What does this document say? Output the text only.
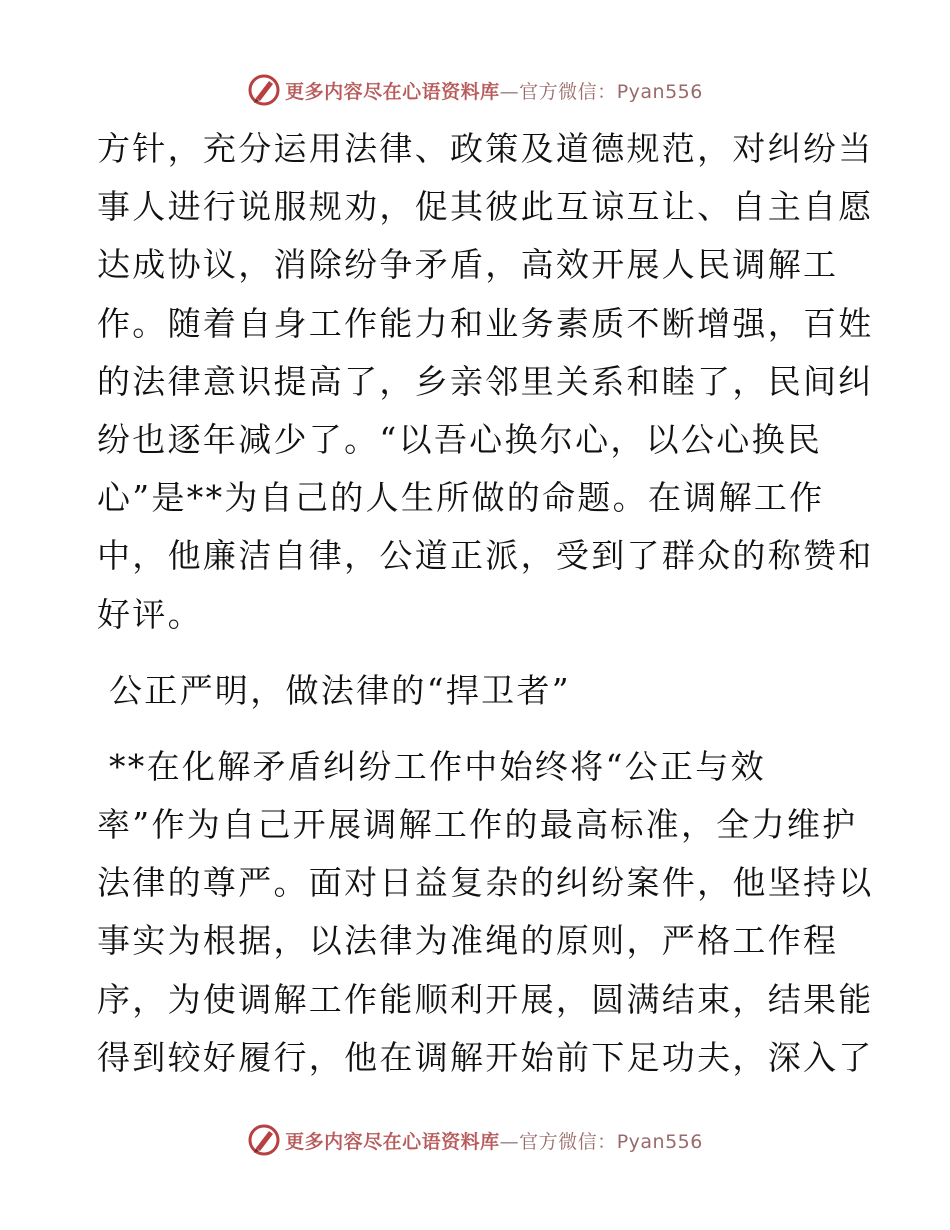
更多内容尽在心语资料库—官方微信：Pyan556
方针，充分运用法律、政策及道德规范，对纠纷当
事人进行说服规劝，促其彼此互谅互让、自主自愿
达成协议，消除纷争矛盾，高效开展人民调解工
作。随着自身工作能力和业务素质不断增强，百姓
的法律意识提高了，乡亲邻里关系和睦了，民间纠
纷也逐年减少了。“以吾心换尔心，以公心换民
心”是**为自己的人生所做的命题。在调解工作
中，他廉洁自律，公道正派，受到了群众的称赞和
好评。
公正严明，做法律的“捍卫者”
**在化解矛盾纠纷工作中始终将“公正与效
率”作为自己开展调解工作的最高标准，全力维护
法律的尊严。面对日益复杂的纠纷案件，他坚持以
事实为根据，以法律为准绳的原则，严格工作程
序，为使调解工作能顺利开展，圆满结束，结果能
得到较好履行，他在调解开始前下足功夫，深入了
更多内容尽在心语资料库—官方微信：Pyan556
